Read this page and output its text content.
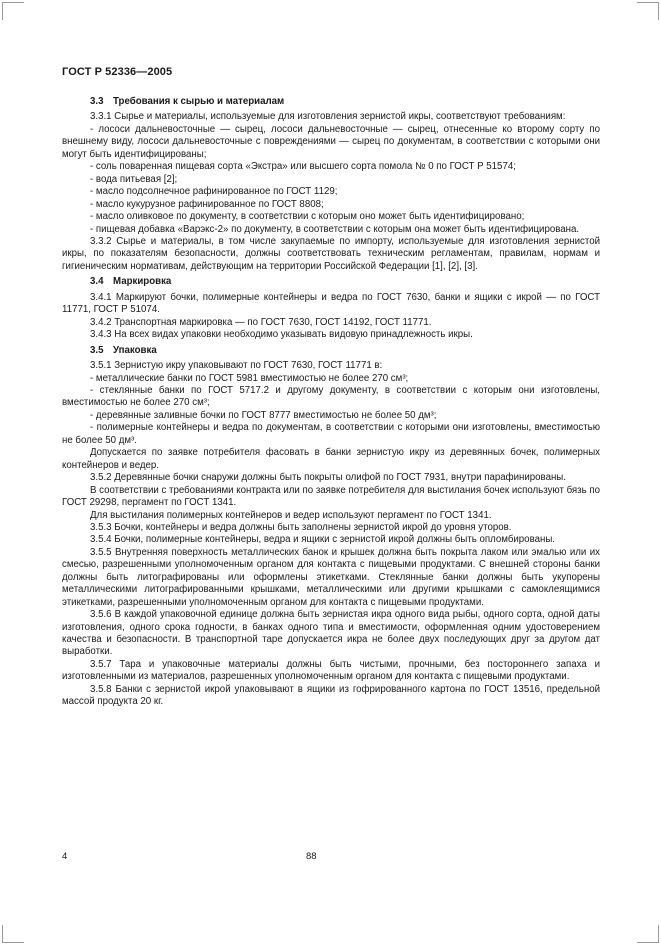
ГОСТ Р 52336—2005

3.3 Требования к сырью и материалам

3.3.1 Сырье и материалы, используемые для изготовления зернистой икры, соответствуют требованиям:

- лососи дальневосточные — сырец, лососи дальневосточные — сырец, отнесенные ко второму сорту по внешнему виду, лососи дальневосточные с повреждениями — сырец по документам, в соответствии с которыми они могут быть идентифицированы;

- соль поваренная пищевая сорта «Экстра» или высшего сорта помола № 0 по ГОСТ Р 51574;

- вода питьевая [2];

- масло подсолнечное рафинированное по ГОСТ 1129;

- масло кукурузное рафинированное по ГОСТ 8808;

- масло оливковое по документу, в соответствии с которым оно может быть идентифицировано;

- пищевая добавка «Варэкс-2» по документу, в соответствии с которым она может быть идентифицирована.

3.3.2 Сырье и материалы, в том числе закупаемые по импорту, используемые для изготовления зернистой икры, по показателям безопасности, должны соответствовать техническим регламентам, правилам, нормам и гигиеническим нормативам, действующим на территории Российской Федерации [1], [2], [3].

3.4 Маркировка

3.4.1 Маркируют бочки, полимерные контейнеры и ведра по ГОСТ 7630, банки и ящики с икрой — по ГОСТ 11771, ГОСТ Р 51074.

3.4.2 Транспортная маркировка — по ГОСТ 7630, ГОСТ 14192, ГОСТ 11771.

3.4.3 На всех видах упаковки необходимо указывать видовую принадлежность икры.

3.5 Упаковка

3.5.1 Зернистую икру упаковывают по ГОСТ 7630, ГОСТ 11771 в:

- металлические банки по ГОСТ 5981 вместимостью не более 270 см³;

- стеклянные банки по ГОСТ 5717.2 и другому документу, в соответствии с которым они изготовлены, вместимостью не более 270 см³;

- деревянные заливные бочки по ГОСТ 8777 вместимостью не более 50 дм³;

- полимерные контейнеры и ведра по документам, в соответствии с которыми они изготовлены, вместимостью не более 50 дм³.

Допускается по заявке потребителя фасовать в банки зернистую икру из деревянных бочек, полимерных контейнеров и ведер.

3.5.2 Деревянные бочки снаружи должны быть покрыты олифой по ГОСТ 7931, внутри парафинированы.

В соответствии с требованиями контракта или по заявке потребителя для выстилания бочек используют бязь по ГОСТ 29298, пергамент по ГОСТ 1341.

Для выстилания полимерных контейнеров и ведер используют пергамент по ГОСТ 1341.

3.5.3 Бочки, контейнеры и ведра должны быть заполнены зернистой икрой до уровня уторов.

3.5.4 Бочки, полимерные контейнеры, ведра и ящики с зернистой икрой должны быть опломбированы.

3.5.5 Внутренняя поверхность металлических банок и крышек должна быть покрыта лаком или эмалью или их смесью, разрешенными уполномоченным органом для контакта с пищевыми продуктами. С внешней стороны банки должны быть литографированы или оформлены этикетками. Стеклянные банки должны быть укупорены металлическими литографированными крышками, металлическими или другими крышками с самоклеящимися этикетками, разрешенными уполномоченным органом для контакта с пищевыми продуктами.

3.5.6 В каждой упаковочной единице должна быть зернистая икра одного вида рыбы, одного сорта, одной даты изготовления, одного срока годности, в банках одного типа и вместимости, оформленная одним удостоверением качества и безопасности. В транспортной таре допускается икра не более двух последующих друг за другом дат выработки.

3.5.7 Тара и упаковочные материалы должны быть чистыми, прочными, без постороннего запаха и изготовленными из материалов, разрешенных уполномоченным органом для контакта с пищевыми продуктами.

3.5.8 Банки с зернистой икрой упаковывают в ящики из гофрированного картона по ГОСТ 13516, предельной массой продукта 20 кг.

4	88
